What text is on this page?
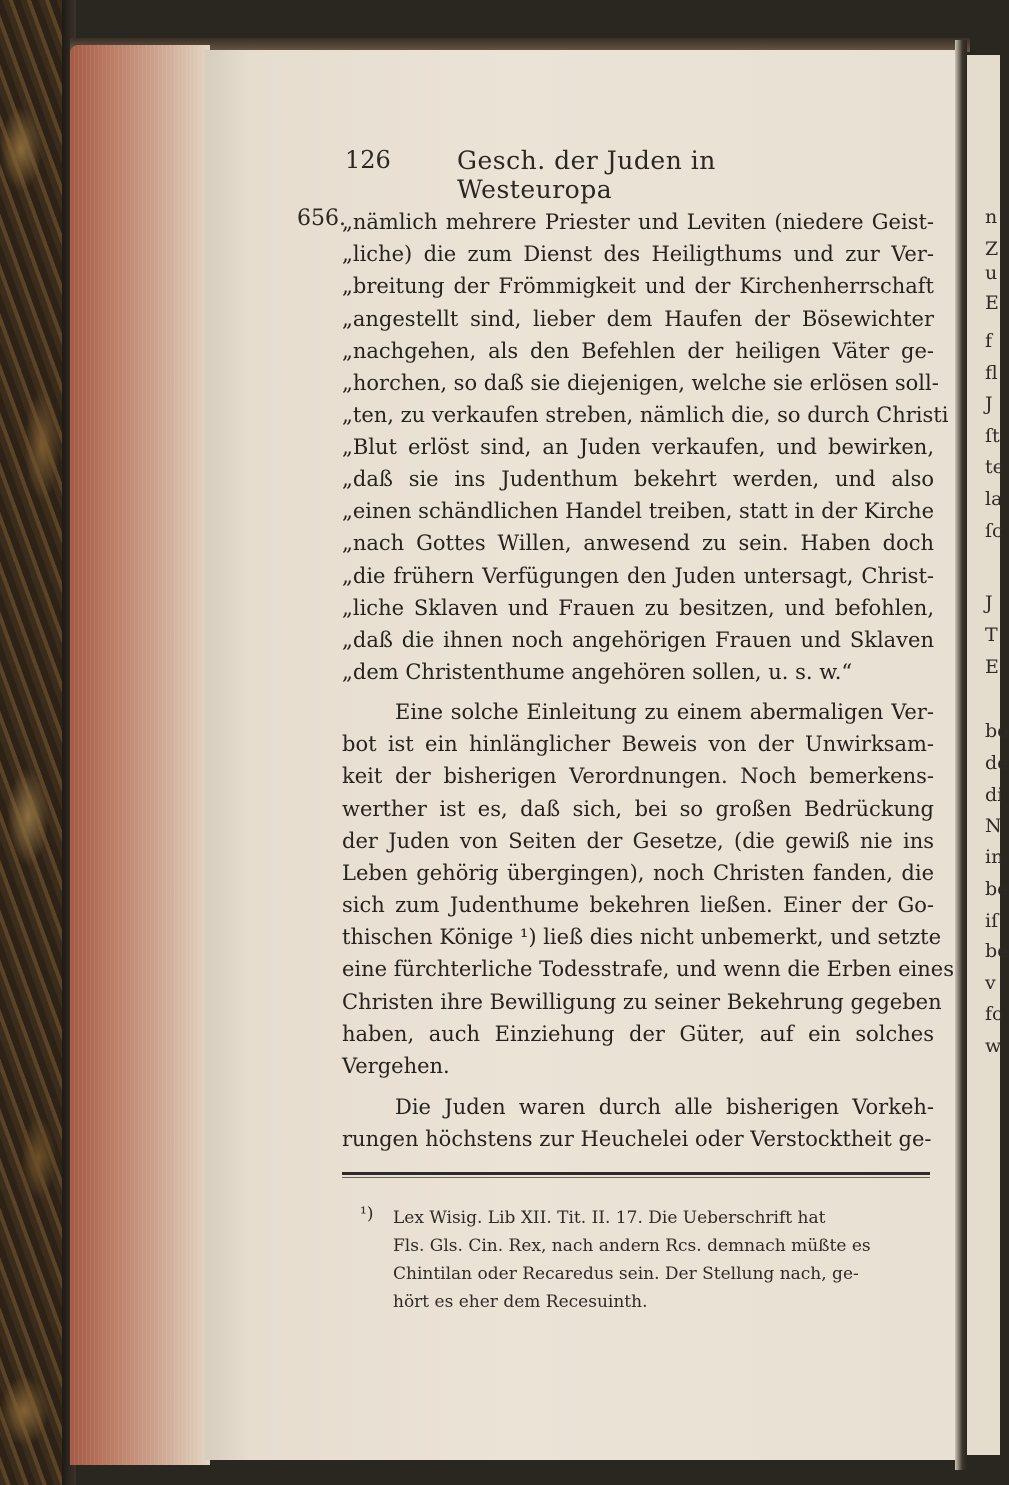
126	Gesch. der Juden in Westeuropa
656.
„nämlich mehrere Priester und Leviten (niedere Geist-
„liche) die zum Dienst des Heiligthums und zur Ver-
„breitung der Frömmigkeit und der Kirchenherrschaft
„angestellt sind, lieber dem Haufen der Bösewichter
„nachgehen, als den Befehlen der heiligen Väter ge-
„horchen, so daß sie diejenigen, welche sie erlösen soll-
„ten, zu verkaufen streben, nämlich die, so durch Christi
„Blut erlöst sind, an Juden verkaufen, und bewirken,
„daß sie ins Judenthum bekehrt werden, und also
„einen schändlichen Handel treiben, statt in der Kirche
„nach Gottes Willen, anwesend zu sein. Haben doch
„die frühern Verfügungen den Juden untersagt, Christ-
„liche Sklaven und Frauen zu besitzen, und befohlen,
„daß die ihnen noch angehörigen Frauen und Sklaven
„dem Christenthume angehören sollen, u. s. w.“
Eine solche Einleitung zu einem abermaligen Ver-
bot ist ein hinlänglicher Beweis von der Unwirksam-
keit der bisherigen Verordnungen. Noch bemerkens-
werther ist es, daß sich, bei so großen Bedrückung
der Juden von Seiten der Gesetze, (die gewiß nie ins
Leben gehörig übergingen), noch Christen fanden, die
sich zum Judenthume bekehren ließen. Einer der Go-
thischen Könige ¹) ließ dies nicht unbemerkt, und setzte
eine fürchterliche Todesstrafe, und wenn die Erben eines
Christen ihre Bewilligung zu seiner Bekehrung gegeben
haben, auch Einziehung der Güter, auf ein solches
Vergehen.
Die Juden waren durch alle bisherigen Vorkeh-
rungen höchstens zur Heuchelei oder Verstocktheit ge-
¹) Lex Wisig. Lib XII. Tit. II. 17. Die Ueberschrift hat
Fls. Gls. Cin. Rex, nach andern Rcs. demnach müßte es
Chintilan oder Recaredus sein. Der Stellung nach, ge-
hört es eher dem Recesuinth.
n
Z
u
E
f
fl
J
ſt
te
la
ſc
J
T
E
bo
de
di
N
in
be
iſ
be
v
fo
w
